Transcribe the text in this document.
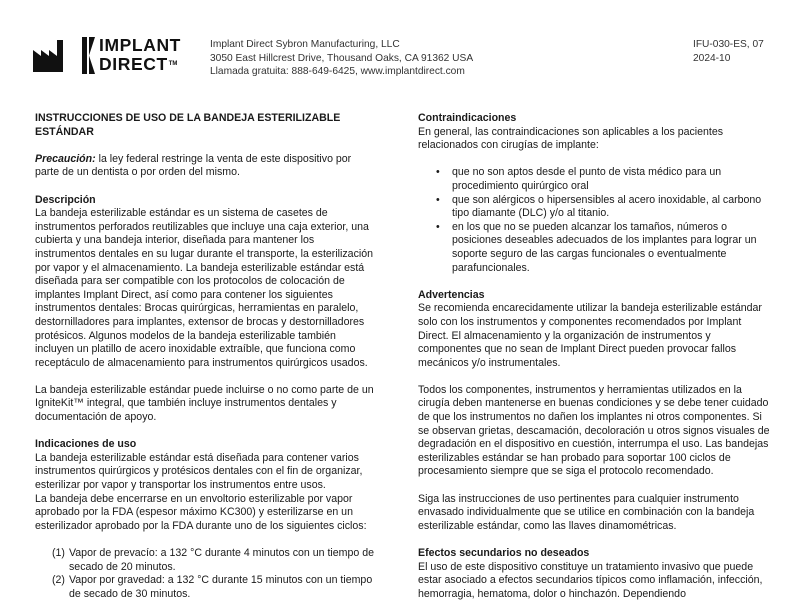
IMPLANT
DIRECT™
Implant Direct Sybron Manufacturing, LLC
3050 East Hillcrest Drive, Thousand Oaks, CA 91362 USA
Llamada gratuita: 888-649-6425, www.implantdirect.com
IFU-030-ES, 07
2024-10
INSTRUCCIONES DE USO DE LA BANDEJA ESTERILIZABLE ESTÁNDAR

Precaución: la ley federal restringe la venta de este dispositivo por parte de un dentista o por orden del mismo.

Descripción

La bandeja esterilizable estándar es un sistema de casetes de instrumentos perforados reutilizables que incluye una caja exterior, una cubierta y una bandeja interior, diseñada para mantener los instrumentos dentales en su lugar durante el transporte, la esterilización por vapor y el almacenamiento. La bandeja esterilizable estándar está diseñada para ser compatible con los protocolos de colocación de implantes Implant Direct, así como para contener los siguientes instrumentos dentales: Brocas quirúrgicas, herramientas en paralelo, destornilladores para implantes, extensor de brocas y destornilladores protésicos. Algunos modelos de la bandeja esterilizable también incluyen un platillo de acero inoxidable extraíble, que funciona como receptáculo de almacenamiento para instrumentos quirúrgicos usados.

La bandeja esterilizable estándar puede incluirse o no como parte de un IgniteKit™ integral, que también incluye instrumentos dentales y documentación de apoyo.

Indicaciones de uso

La bandeja esterilizable estándar está diseñada para contener varios instrumentos quirúrgicos y protésicos dentales con el fin de organizar, esterilizar por vapor y transportar los instrumentos entre usos.

La bandeja debe encerrarse en un envoltorio esterilizable por vapor aprobado por la FDA (espesor máximo KC300) y esterilizarse en un esterilizador aprobado por la FDA durante uno de los siguientes ciclos:

(1) Vapor de prevacío: a 132 °C durante 4 minutos con un tiempo de secado de 20 minutos.
(2) Vapor por gravedad: a 132 °C durante 15 minutos con un tiempo de secado de 30 minutos.
Contraindicaciones

En general, las contraindicaciones son aplicables a los pacientes relacionados con cirugías de implante:

• que no son aptos desde el punto de vista médico para un procedimiento quirúrgico oral
• que son alérgicos o hipersensibles al acero inoxidable, al carbono tipo diamante (DLC) y/o al titanio.
• en los que no se pueden alcanzar los tamaños, números o posiciones deseables adecuados de los implantes para lograr un soporte seguro de las cargas funcionales o eventualmente parafuncionales.
Advertencias

Se recomienda encarecidamente utilizar la bandeja esterilizable estándar solo con los instrumentos y componentes recomendados por Implant Direct. El almacenamiento y la organización de instrumentos y componentes que no sean de Implant Direct pueden provocar fallos mecánicos y/o instrumentales.

Todos los componentes, instrumentos y herramientas utilizados en la cirugía deben mantenerse en buenas condiciones y se debe tener cuidado de que los instrumentos no dañen los implantes ni otros componentes. Si se observan grietas, descamación, decoloración u otros signos visuales de degradación en el dispositivo en cuestión, interrumpa el uso. Las bandejas esterilizables estándar se han probado para soportar 100 ciclos de procesamiento siempre que se siga el protocolo recomendado.

Siga las instrucciones de uso pertinentes para cualquier instrumento envasado individualmente que se utilice en combinación con la bandeja esterilizable estándar, como las llaves dinamométricas.

Efectos secundarios no deseados

El uso de este dispositivo constituye un tratamiento invasivo que puede estar asociado a efectos secundarios típicos como inflamación, infección, hemorragia, hematoma, dolor o hinchazón. Dependiendo
